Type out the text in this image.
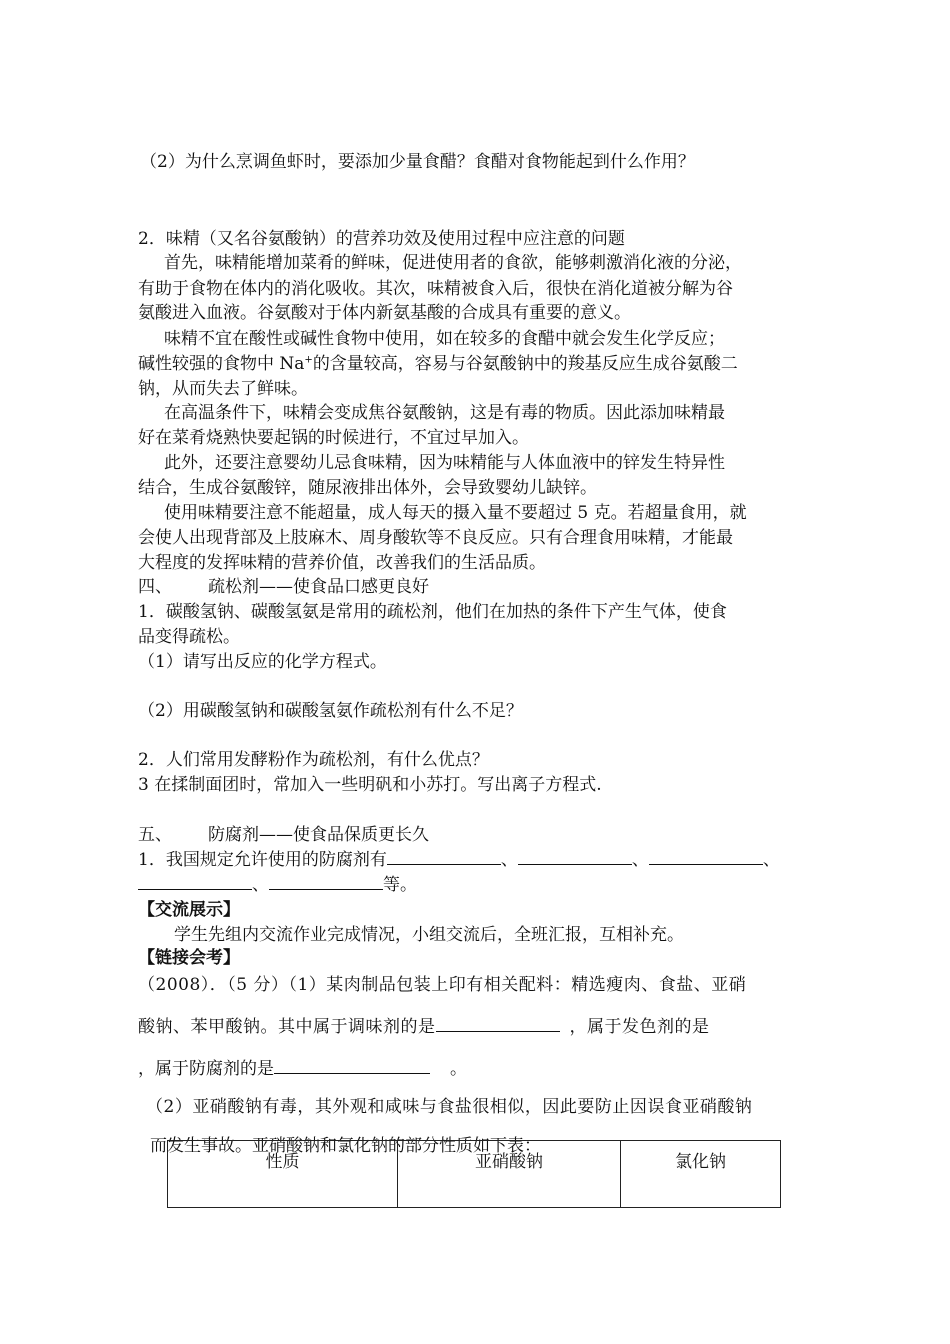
（2）为什么烹调鱼虾时，要添加少量食醋？食醋对食物能起到什么作用？
2．味精（又名谷氨酸钠）的营养功效及使用过程中应注意的问题
首先，味精能增加菜肴的鲜味，促进使用者的食欲，能够刺激消化液的分泌，
有助于食物在体内的消化吸收。其次，味精被食入后，很快在消化道被分解为谷
氨酸进入血液。谷氨酸对于体内新氨基酸的合成具有重要的意义。
味精不宜在酸性或碱性食物中使用，如在较多的食醋中就会发生化学反应；
碱性较强的食物中 Na+的含量较高，容易与谷氨酸钠中的羧基反应生成谷氨酸二
钠，从而失去了鲜味。
在高温条件下，味精会变成焦谷氨酸钠，这是有毒的物质。因此添加味精最
好在菜肴烧熟快要起锅的时候进行，不宜过早加入。
此外，还要注意婴幼儿忌食味精，因为味精能与人体血液中的锌发生特异性
结合，生成谷氨酸锌，随尿液排出体外，会导致婴幼儿缺锌。
使用味精要注意不能超量，成人每天的摄入量不要超过 5 克。若超量食用，就
会使人出现背部及上肢麻木、周身酸软等不良反应。只有合理食用味精，才能最
大程度的发挥味精的营养价值，改善我们的生活品质。
四、 疏松剂——使食品口感更良好
1．碳酸氢钠、碳酸氢氨是常用的疏松剂，他们在加热的条件下产生气体，使食
品变得疏松。
（1）请写出反应的化学方程式。
（2）用碳酸氢钠和碳酸氢氨作疏松剂有什么不足？
2．人们常用发酵粉作为疏松剂，有什么优点？
3 在揉制面团时，常加入一些明矾和小苏打。写出离子方程式.
五、 防腐剂——使食品保质更长久
1．我国规定允许使用的防腐剂有	、	、	、
、	等。
【交流展示】
学生先组内交流作业完成情况，小组交流后，全班汇报，互相补充。
【链接会考】
（2008）．（5 分）（1）某肉制品包装上印有相关配料：精选瘦肉、食盐、亚硝
酸钠、苯甲酸钠。其中属于调味剂的是	，属于发色剂的是
，属于防腐剂的是	。
（2）亚硝酸钠有毒，其外观和咸味与食盐很相似，因此要防止因误食亚硝酸钠
而发生事故。亚硝酸钠和氯化钠的部分性质如下表：
性质	亚硝酸钠	氯化钠
